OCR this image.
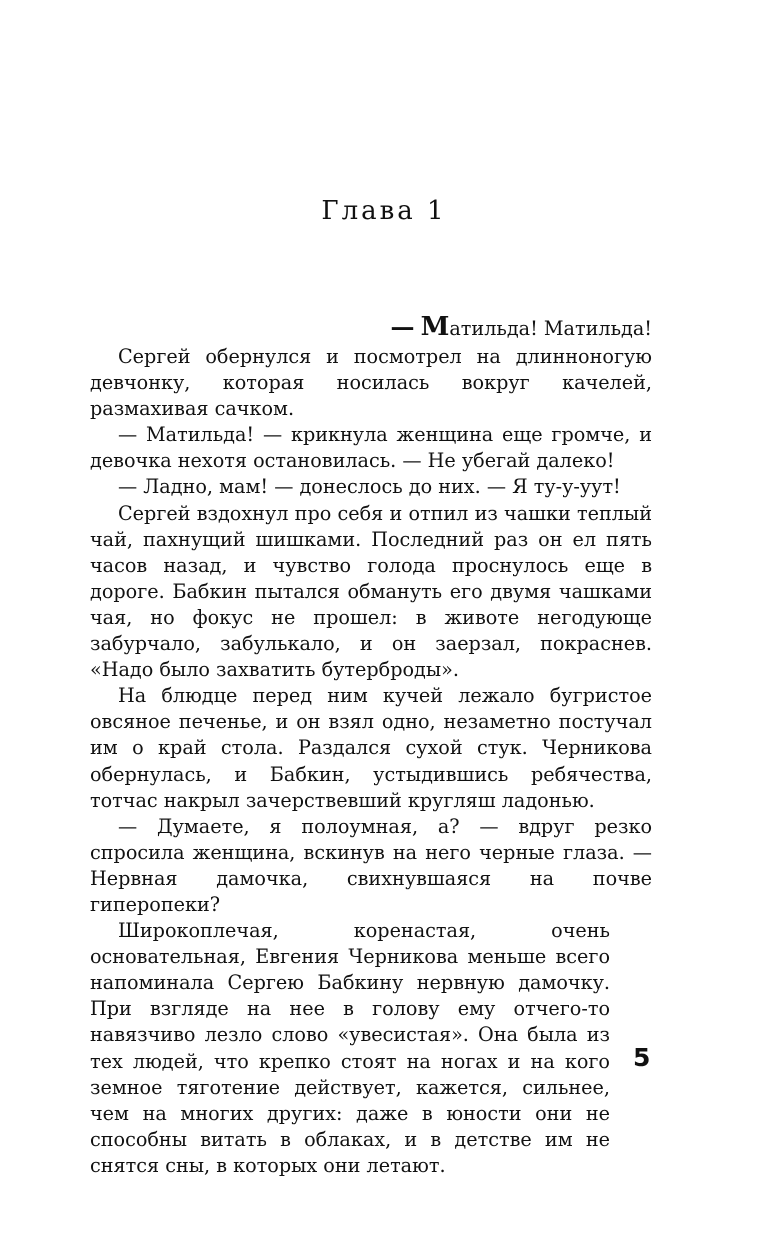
Глава 1

— Матильда! Матильда!

Сергей обернулся и посмотрел на длинноногую девчонку, которая носилась вокруг качелей, размахивая сачком.

— Матильда! — крикнула женщина еще громче, и девочка нехотя остановилась. — Не убегай далеко!

— Ладно, мам! — донеслось до них. — Я ту-у-уут!

Сергей вздохнул про себя и отпил из чашки теплый чай, пахнущий шишками. Последний раз он ел пять часов назад, и чувство голода проснулось еще в дороге. Бабкин пытался обмануть его двумя чашками чая, но фокус не прошел: в животе негодующе забурчало, забулькало, и он заерзал, покраснев. «Надо было захватить бутерброды».

На блюдце перед ним кучей лежало бугристое овсяное печенье, и он взял одно, незаметно постучал им о край стола. Раздался сухой стук. Черникова обернулась, и Бабкин, устыдившись ребячества, тотчас накрыл зачерствевший кругляш ладонью.

— Думаете, я полоумная, а? — вдруг резко спросила женщина, вскинув на него черные глаза. — Нервная дамочка, свихнувшаяся на почве гиперопеки?

Широкоплечая, коренастая, очень основательная, Евгения Черникова меньше всего напоминала Сергею Бабкину нервную дамочку. При взгляде на нее в голову ему отчего-то навязчиво лезло слово «увесистая». Она была из тех людей, что крепко стоят на ногах и на кого земное тяготение действует, кажется, сильнее, чем на многих других: даже в юности они не способны витать в облаках, и в детстве им не снятся сны, в которых они летают.

5
